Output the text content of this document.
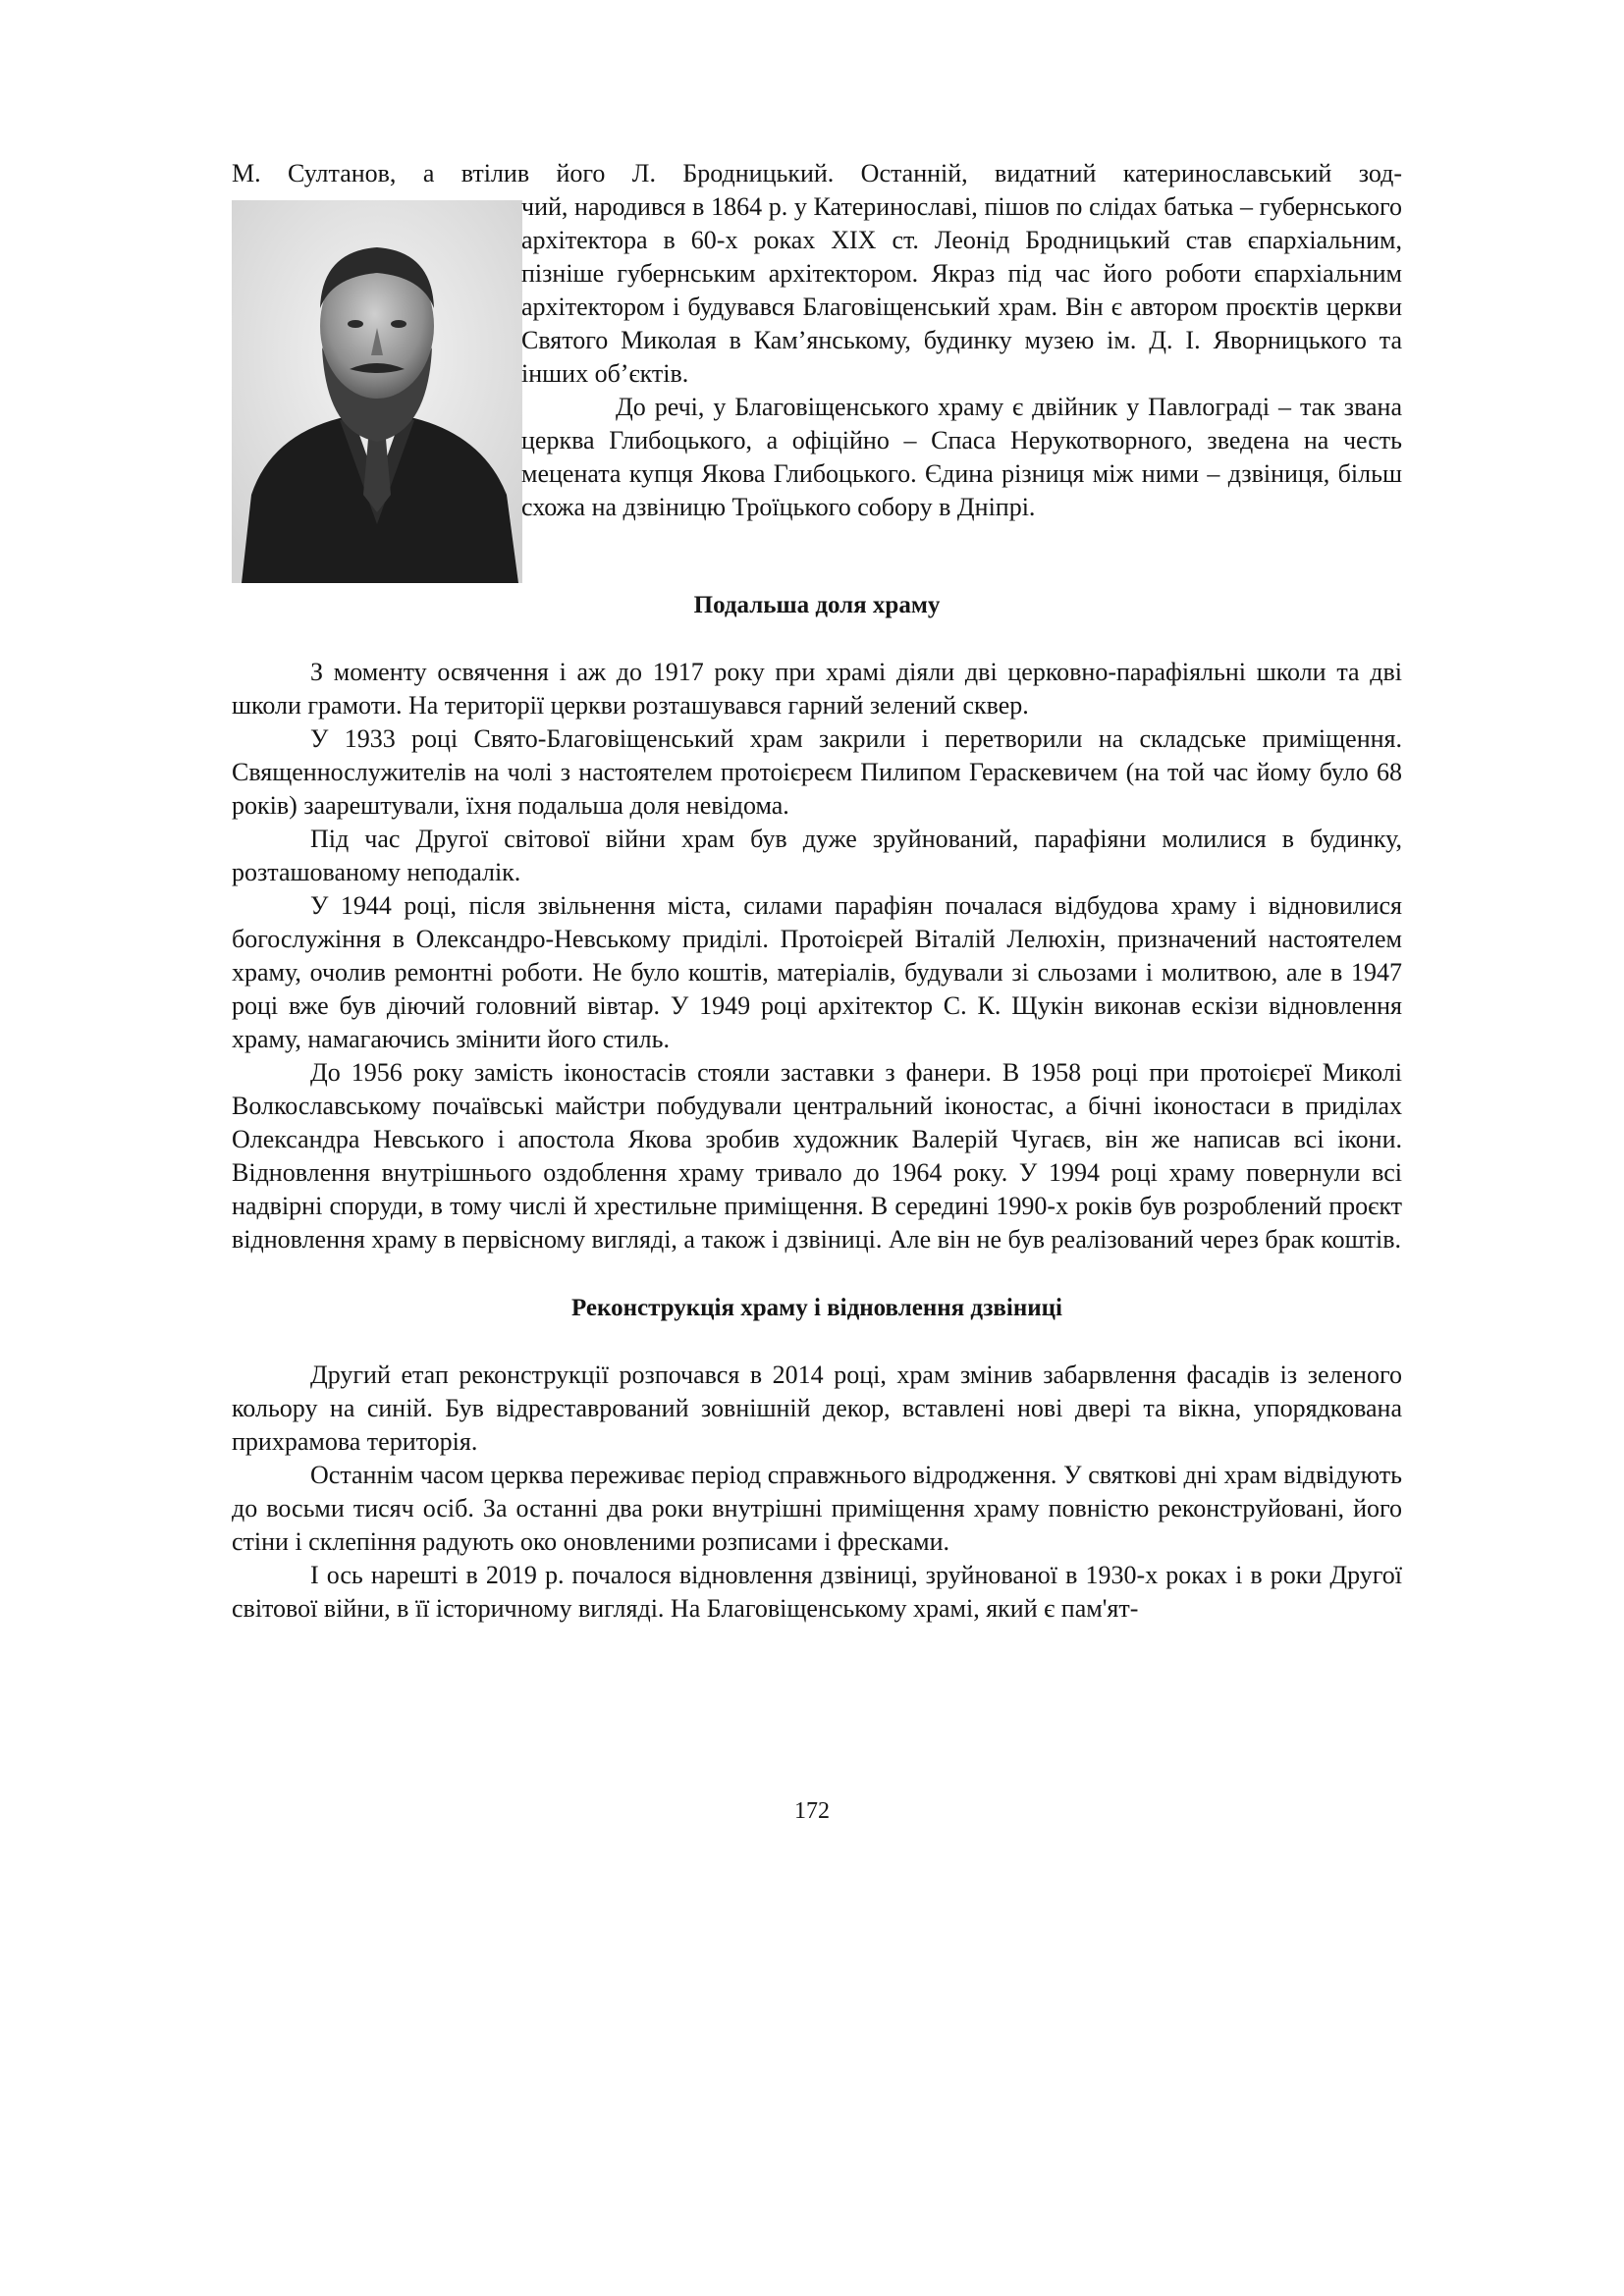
М. Султанов, а втілив його Л. Бродницький. Останній, видатний катеринославський зод-

чий, народився в 1864 р. у Катеринославі, пішов по слідах батька – губернського архітектора в 60-х роках XIX ст. Леонід Бродницький став єпархіальним, пізніше губернським архітектором. Якраз під час його роботи єпархіальним архітектором і будувався Благовіщенський храм. Він є автором проєктів церкви Святого Миколая в Кам’янському, будинку музею ім. Д. І. Яворницького та інших об’єктів.

До речі, у Благовіщенського храму є двійник у Павлограді – так звана церква Глибоцького, а офіційно – Спаса Нерукотворного, зведена на честь мецената купця Якова Глибоцького. Єдина різниця між ними – дзвіниця, більш схожа на дзвіницю Троїцького собору в Дніпрі.

Подальша доля храму

З моменту освячення і аж до 1917 року при храмі діяли дві церковно-парафіяльні школи та дві школи грамоти. На території церкви розташувався гарний зелений сквер.

У 1933 році Свято-Благовіщенський храм закрили і перетворили на складське приміщення. Священнослужителів на чолі з настоятелем протоієреєм Пилипом Гераскевичем (на той час йому було 68 років) заарештували, їхня подальша доля невідома.

Під час Другої світової війни храм був дуже зруйнований, парафіяни молилися в будинку, розташованому неподалік.

У 1944 році, після звільнення міста, силами парафіян почалася відбудова храму і відновилися богослужіння в Олександро-Невському приділі. Протоієрей Віталій Лелюхін, призначений настоятелем храму, очолив ремонтні роботи. Не було коштів, матеріалів, будували зі сльозами і молитвою, але в 1947 році вже був діючий головний вівтар. У 1949 році архітектор С. К. Щукін виконав ескізи відновлення храму, намагаючись змінити його стиль.

До 1956 року замість іконостасів стояли заставки з фанери. В 1958 році при протоієреї Миколі Волкославському почаївські майстри побудували центральний іконостас, а бічні іконостаси в приділах Олександра Невського і апостола Якова зробив художник Валерій Чугаєв, він же написав всі ікони. Відновлення внутрішнього оздоблення храму тривало до 1964 року. У 1994 році храму повернули всі надвірні споруди, в тому числі й хрестильне приміщення. В середині 1990-х років був розроблений проєкт відновлення храму в первісному вигляді, а також і дзвіниці. Але він не був реалізований через брак коштів.

Реконструкція храму і відновлення дзвіниці

Другий етап реконструкції розпочався в 2014 році, храм змінив забарвлення фасадів із зеленого кольору на синій. Був відреставрований зовнішній декор, вставлені нові двері та вікна, упорядкована прихрамова територія.

Останнім часом церква переживає період справжнього відродження. У святкові дні храм відвідують до восьми тисяч осіб. За останні два роки внутрішні приміщення храму повністю реконструйовані, його стіни і склепіння радують око оновленими розписами і фресками.

І ось нарешті в 2019 р. почалося відновлення дзвіниці, зруйнованої в 1930-х роках і в роки Другої світової війни, в її історичному вигляді. На Благовіщенському храмі, який є пам'ят-

172
